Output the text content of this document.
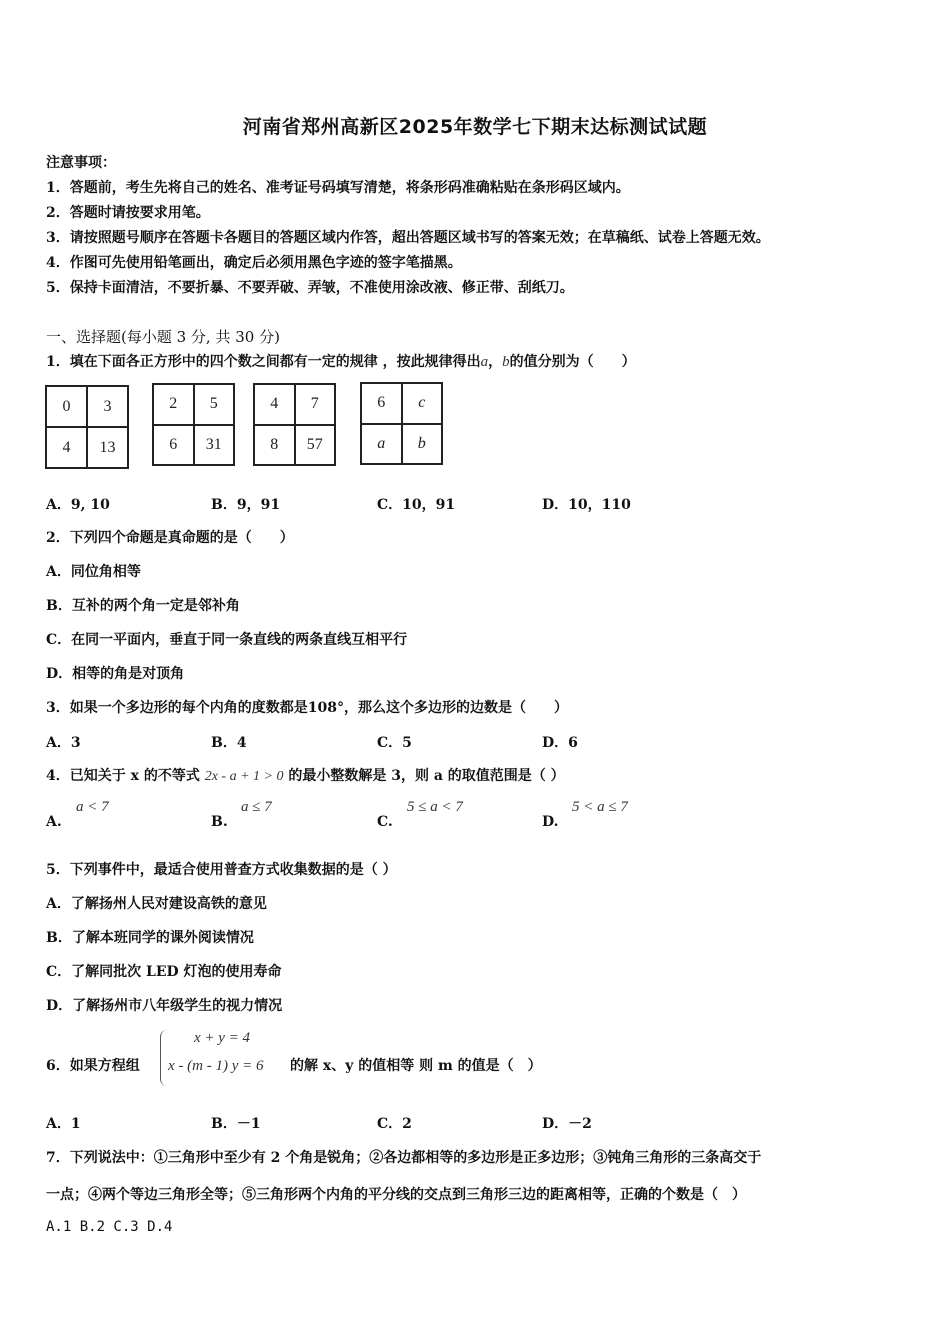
河南省郑州高新区2025年数学七下期末达标测试试题
注意事项：
1．答题前，考生先将自己的姓名、准考证号码填写清楚，将条形码准确粘贴在条形码区域内。
2．答题时请按要求用笔。
3．请按照题号顺序在答题卡各题目的答题区域内作答，超出答题区域书写的答案无效；在草稿纸、试卷上答题无效。
4．作图可先使用铅笔画出，确定后必须用黑色字迹的签字笔描黑。
5．保持卡面清洁，不要折暴、不要弄破、弄皱，不准使用涂改液、修正带、刮纸刀。
一、选择题(每小题 3 分, 共 30 分)
1．填在下面各正方形中的四个数之间都有一定的规律 ，按此规律得出a，b的值分别为（　　）
0	3
4	13
2	5
6	31
4	7
8	57
6	c
a	b
A．9, 10	B．9，91	C．10，91	D．10，110
2．下列四个命题是真命题的是（　　）
A．同位角相等
B．互补的两个角一定是邻补角
C．在同一平面内，垂直于同一条直线的两条直线互相平行
D．相等的角是对顶角
3．如果一个多边形的每个内角的度数都是108°，那么这个多边形的边数是（　　）
A．3	B．4	C．5	D．6
4．已知关于 x 的不等式 2x - a + 1 > 0 的最小整数解是 3，则 a 的取值范围是（ ）
A.
a < 7
B.
a ≤ 7
C.
5 ≤ a < 7
D.
5 < a ≤ 7
5．下列事件中，最适合使用普查方式收集数据的是（ ）
A．了解扬州人民对建设高铁的意见
B．了解本班同学的课外阅读情况
C．了解同批次 LED 灯泡的使用寿命
D．了解扬州市八年级学生的视力情况
6．如果方程组
x + y = 4
x - (m - 1) y = 6 的解 x、y 的值相等 则 m 的值是（　）
A．1	B．－1	C．2	D．－2
7．下列说法中：①三角形中至少有 2 个角是锐角；②各边都相等的多边形是正多边形；③钝角三角形的三条高交于
一点；④两个等边三角形全等；⑤三角形两个内角的平分线的交点到三角形三边的距离相等，正确的个数是（　）
A.1 B.2 C.3 D.4
